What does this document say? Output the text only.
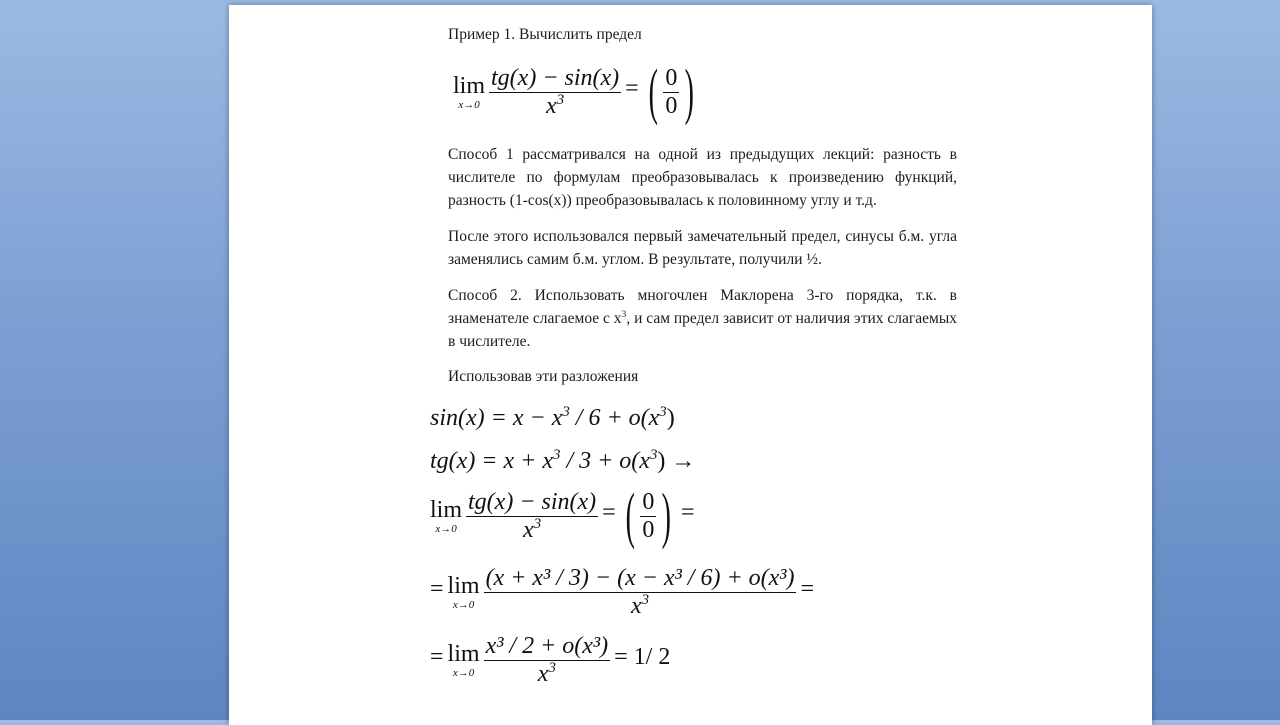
Пример 1. Вычислить предел
lim
x→0
$\frac{tg(x) - \sin(x)}{x^3}$ = ( $\frac{0}{0}$ )
Способ 1 рассматривался на одной из предыдущих лекций: разность в числителе по формулам преобразовывалась к произведению функций, разность (1-cos(x)) преобразовывалась к половинному углу и т.д.
После этого использовался первый замечательный предел, синусы б.м. угла заменялись самим б.м. углом. В результате, получили ½.
Способ 2. Использовать многочлен Маклорена 3-го порядка, т.к. в знаменателе слагаемое с $x^3$, и сам предел зависит от наличия этих слагаемых в числителе.
Использовав эти разложения
$\sin(x) = x - x^3 / 6 + o(x^3)$
$tg(x) = x + x^3 / 3 + o(x^3)$ →
lim
x→0
$\frac{tg(x) - \sin(x)}{x^3}$ = ( $\frac{0}{0}$ ) =
= lim
x→0
$\frac{\text{(x + x³ / 3) − (x − x³ / 6) + o(x³)}}{x^3}$ =
= lim
x→0
$\frac{\text{x³ / 2 + o(x³)}}{x^3} = 1/$ 2
